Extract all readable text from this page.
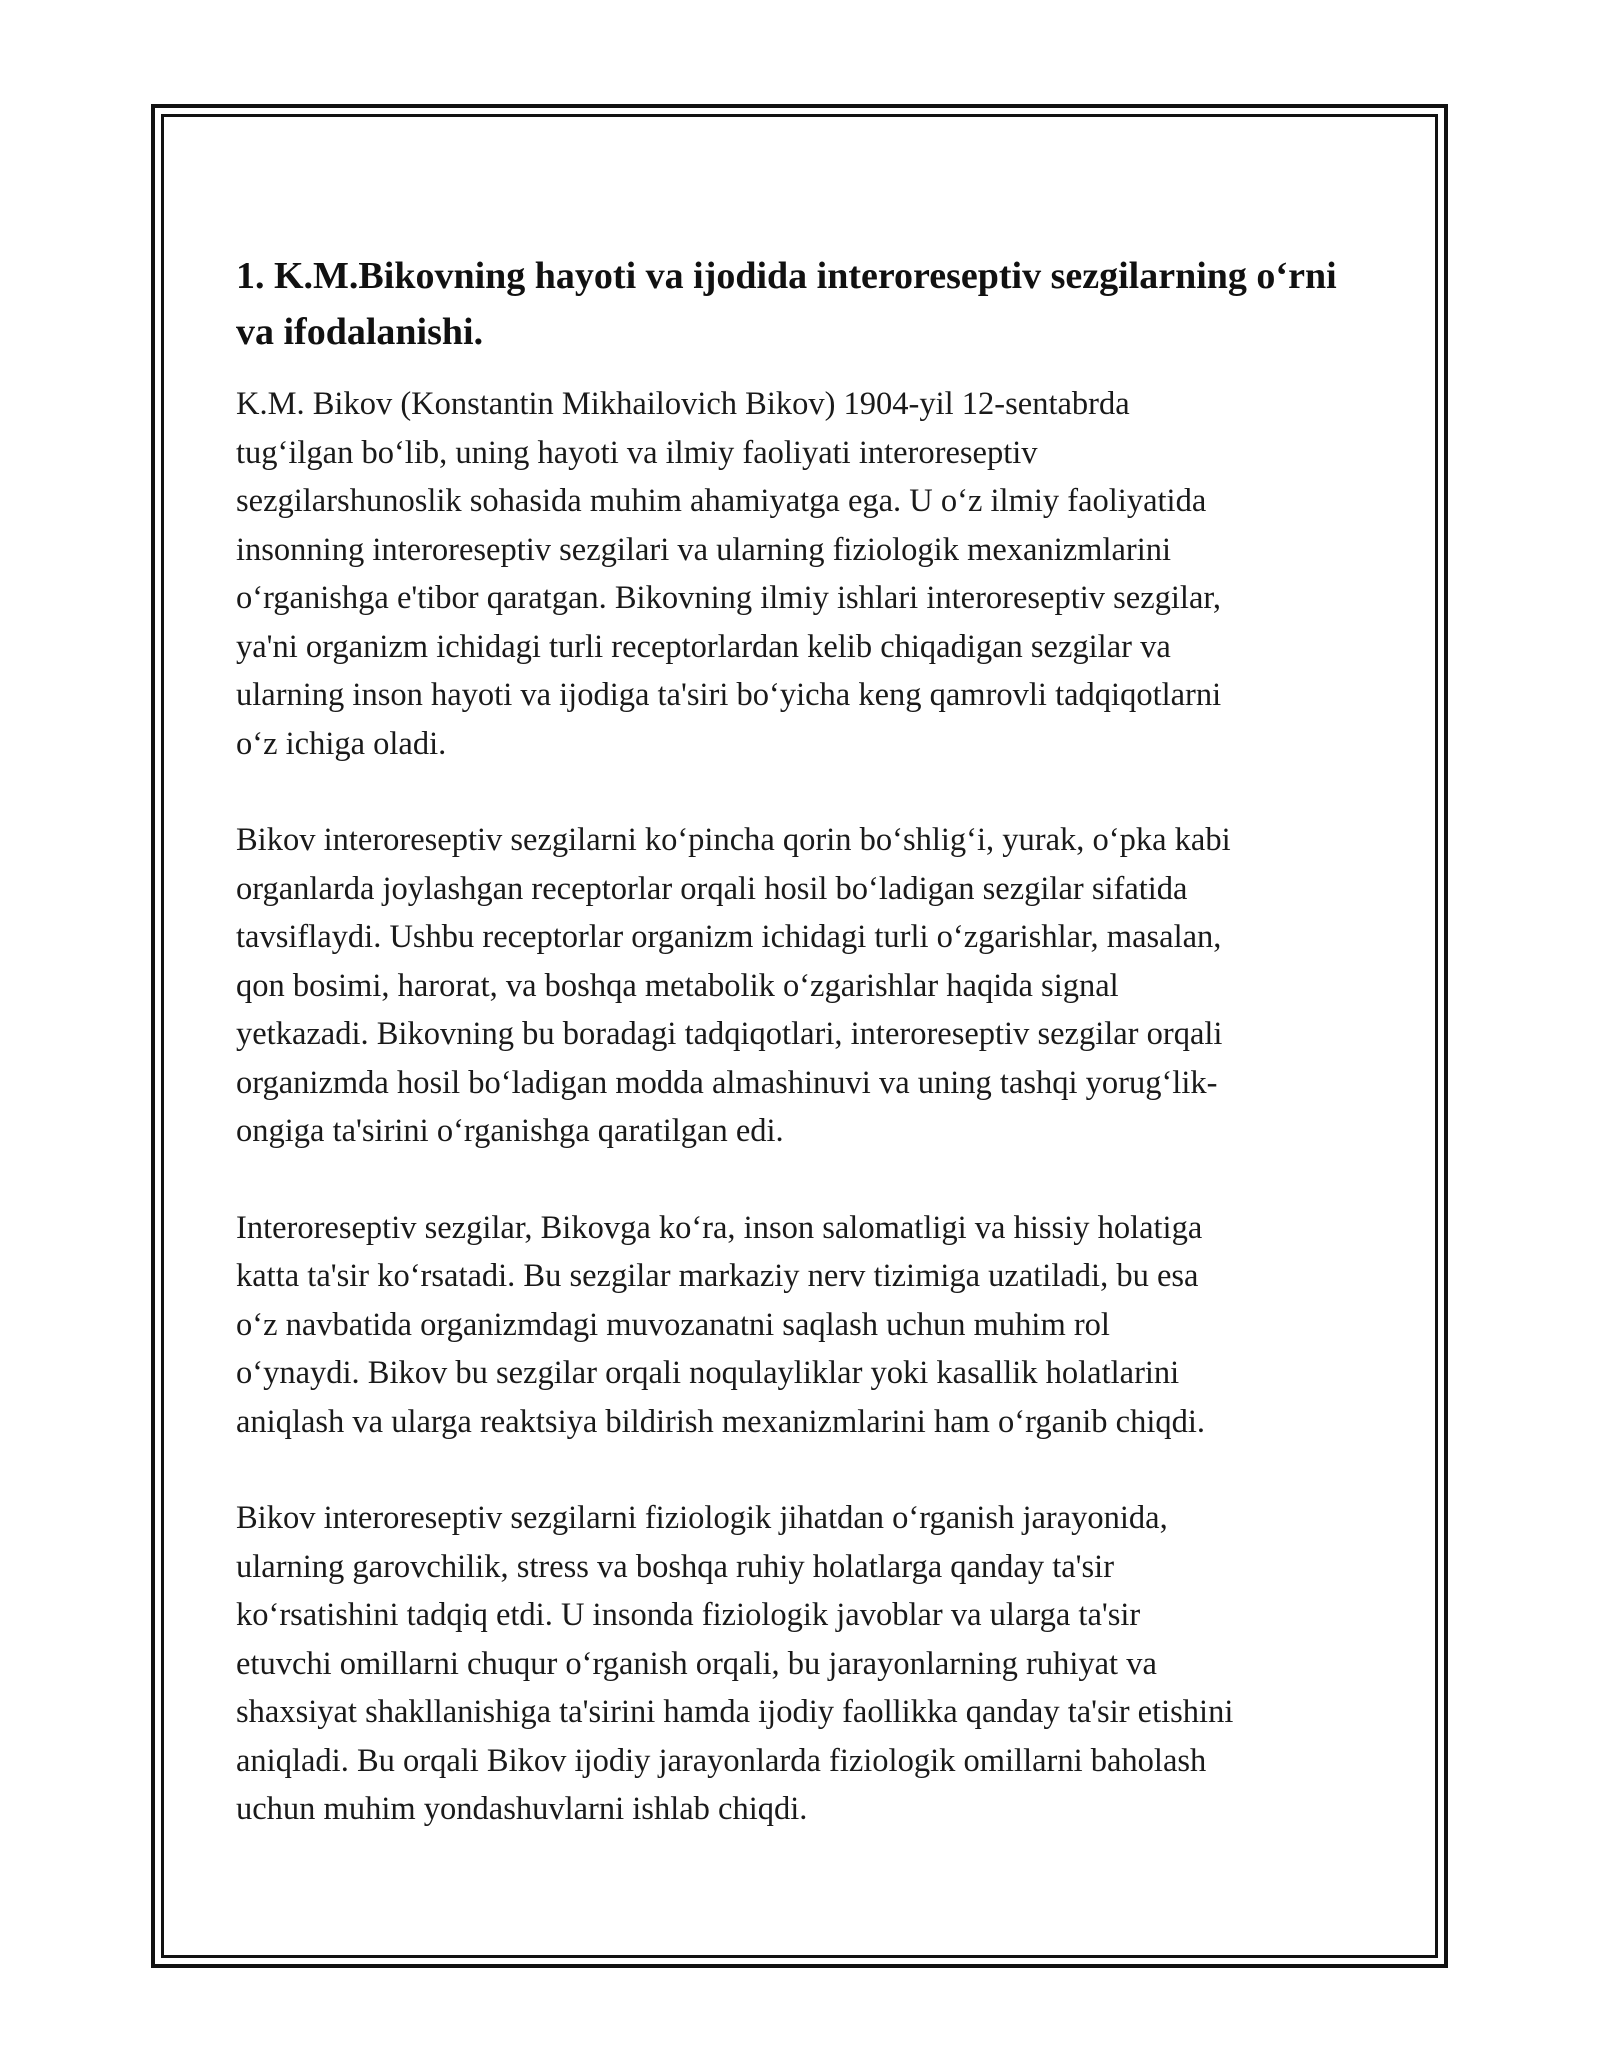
1. K.M.Bikovning hayoti va ijodida interoreseptiv sezgilarning o‘rni va ifodalanishi.

K.M. Bikov (Konstantin Mikhailovich Bikov) 1904-yil 12-sentabrda
tug‘ilgan bo‘lib, uning hayoti va ilmiy faoliyati interoreseptiv
sezgilarshunoslik sohasida muhim ahamiyatga ega. U o‘z ilmiy faoliyatida
insonning interoreseptiv sezgilari va ularning fiziologik mexanizmlarini
o‘rganishga e'tibor qaratgan. Bikovning ilmiy ishlari interoreseptiv sezgilar,
ya'ni organizm ichidagi turli receptorlardan kelib chiqadigan sezgilar va
ularning inson hayoti va ijodiga ta'siri bo‘yicha keng qamrovli tadqiqotlarni
o‘z ichiga oladi.

Bikov interoreseptiv sezgilarni ko‘pincha qorin bo‘shlig‘i, yurak, o‘pka kabi
organlarda joylashgan receptorlar orqali hosil bo‘ladigan sezgilar sifatida
tavsiflaydi. Ushbu receptorlar organizm ichidagi turli o‘zgarishlar, masalan,
qon bosimi, harorat, va boshqa metabolik o‘zgarishlar haqida signal
yetkazadi. Bikovning bu boradagi tadqiqotlari, interoreseptiv sezgilar orqali
organizmda hosil bo‘ladigan modda almashinuvi va uning tashqi yorug‘lik-
ongiga ta'sirini o‘rganishga qaratilgan edi.

Interoreseptiv sezgilar, Bikovga ko‘ra, inson salomatligi va hissiy holatiga
katta ta'sir ko‘rsatadi. Bu sezgilar markaziy nerv tizimiga uzatiladi, bu esa
o‘z navbatida organizmdagi muvozanatni saqlash uchun muhim rol
o‘ynaydi. Bikov bu sezgilar orqali noqulayliklar yoki kasallik holatlarini
aniqlash va ularga reaktsiya bildirish mexanizmlarini ham o‘rganib chiqdi.

Bikov interoreseptiv sezgilarni fiziologik jihatdan o‘rganish jarayonida,
ularning garovchilik, stress va boshqa ruhiy holatlarga qanday ta'sir
ko‘rsatishini tadqiq etdi. U insonda fiziologik javoblar va ularga ta'sir
etuvchi omillarni chuqur o‘rganish orqali, bu jarayonlarning ruhiyat va
shaxsiyat shakllanishiga ta'sirini hamda ijodiy faollikka qanday ta'sir etishini
aniqladi. Bu orqali Bikov ijodiy jarayonlarda fiziologik omillarni baholash
uchun muhim yondashuvlarni ishlab chiqdi.
